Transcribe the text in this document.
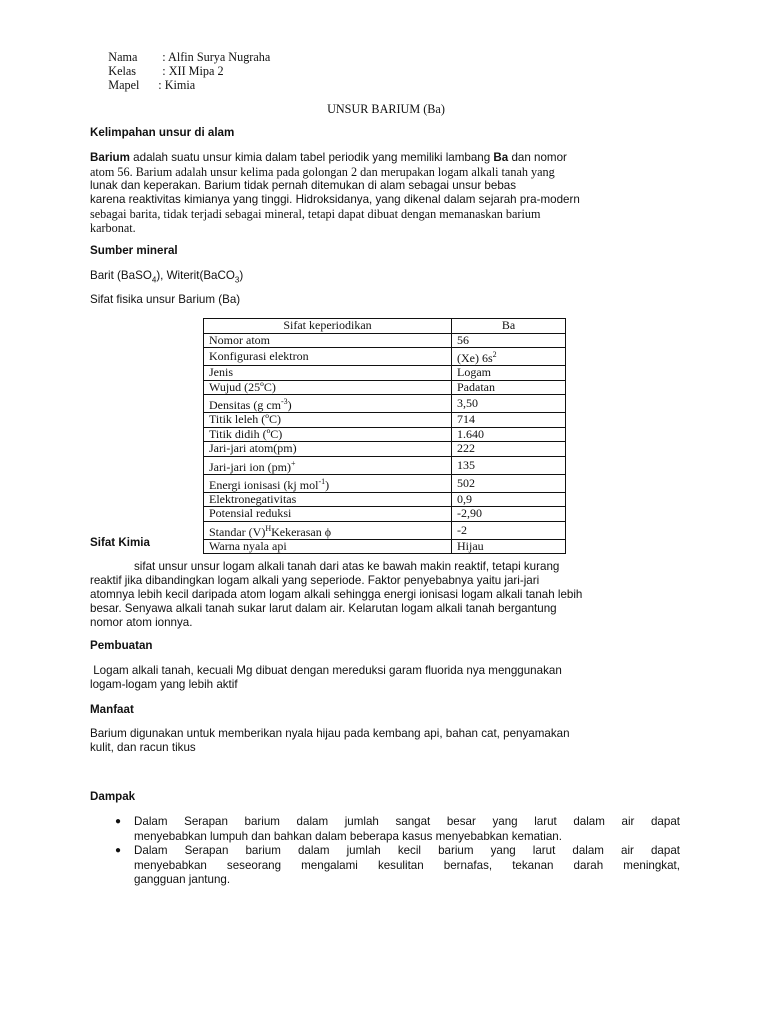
Nama : Alfin Surya Nugraha

Kelas : XII Mipa 2

Mapel : Kimia

UNSUR BARIUM (Ba)
Kelimpahan unsur di alam
Barium adalah suatu unsur kimia dalam tabel periodik yang memiliki lambang Ba dan nomor
atom 56. Barium adalah unsur kelima pada golongan 2 dan merupakan logam alkali tanah yang
lunak dan keperakan. Barium tidak pernah ditemukan di alam sebagai unsur bebas
karena reaktivitas kimianya yang tinggi. Hidroksidanya, yang dikenal dalam sejarah pra-modern
sebagai barita, tidak terjadi sebagai mineral, tetapi dapat dibuat dengan memanaskan barium
karbonat.
Sumber mineral
Barit (BaSO$_4$), Witerit(BaCO$_3$)
Sifat fisika unsur Barium (Ba)
Sifat keperiodikan	Ba
Nomor atom	56
Konfigurasi elektron	(Xe) $6s^2$
Jenis	Logam
Wujud (25ºC)	Padatan
Densitas (g $cm^{-3}$)	3,50
Titik leleh (ºC)	714
Titik didih (ºC)	1.640
Jari-jari atom(pm)	222
Jari-jari ion (pm)+	135
Energi ionisasi (kj mol$^{-1}$)	502
Elektronegativitas	0,9
Potensial reduksi	-2,90
Standar $(V)^HKekerasan$ ϕ	-2
Warna nyala api	Hijau
Sifat Kimia
sifat unsur unsur logam alkali tanah dari atas ke bawah makin reaktif, tetapi kurang
reaktif jika dibandingkan logam alkali yang seperiode. Faktor penyebabnya yaitu jari-jari
atomnya lebih kecil daripada atom logam alkali sehingga energi ionisasi logam alkali tanah lebih
besar. Senyawa alkali tanah sukar larut dalam air. Kelarutan logam alkali tanah bergantung
nomor atom ionnya.
Pembuatan
Logam alkali tanah, kecuali Mg dibuat dengan mereduksi garam fluorida nya menggunakan
logam-logam yang lebih aktif
Manfaat
Barium digunakan untuk memberikan nyala hijau pada kembang api, bahan cat, penyamakan
kulit, dan racun tikus
Dampak
● Dalam Serapan barium dalam jumlah sangat besar yang larut dalam air dapat
menyebabkan lumpuh dan bahkan dalam beberapa kasus menyebabkan kematian.
● Dalam Serapan barium dalam jumlah kecil barium yang larut dalam air dapat
menyebabkan seseorang mengalami kesulitan bernafas, tekanan darah meningkat,
gangguan jantung.
